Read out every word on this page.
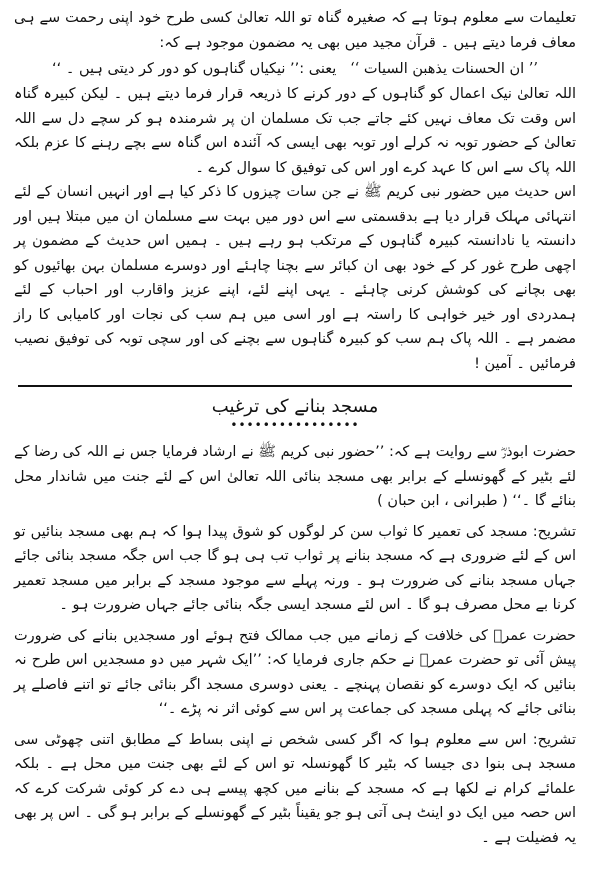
تعلیمات سے معلوم ہوتا ہے کہ صغیرہ گناہ تو اللہ تعالیٰ کسی طرح خود اپنی رحمت سے ہی معاف فرما دیتے ہیں ۔ قرآن مجید میں بھی یہ مضمون موجود ہے کہ:

’’ ان الحسنات یذھبن السیات ‘‘   یعنی :’’ نیکیاں گناہوں کو دور کر دیتی ہیں ۔ ‘‘

اللہ تعالیٰ نیک اعمال کو گناہوں کے دور کرنے کا ذریعہ قرار فرما دیتے ہیں ۔ لیکن کبیرہ گناہ اس وقت تک معاف نہیں کئے جاتے جب تک مسلمان ان پر شرمندہ ہو کر سچے دل سے اللہ تعالیٰ کے حضور توبہ نہ کرلے اور توبہ بھی ایسی کہ آئندہ اس گناہ سے بچے رہنے کا عزم بلکہ اللہ پاک سے اس کا عہد کرے اور اس کی توفیق کا سوال کرے ۔

اس حدیث میں حضور نبی کریم ﷺ نے جن سات چیزوں کا ذکر کیا ہے اور انہیں انسان کے لئے انتہائی مہلک قرار دیا ہے بدقسمتی سے اس دور میں بہت سے مسلمان ان میں مبتلا ہیں اور دانستہ یا نادانستہ کبیرہ گناہوں کے مرتکب ہو رہے ہیں ۔ ہمیں اس حدیث کے مضمون پر اچھی طرح غور کر کے خود بھی ان کبائر سے بچنا چاہئے اور دوسرے مسلمان بہن بھائیوں کو بھی بچانے کی کوشش کرنی چاہئے ۔ یہی اپنے لئے، اپنے عزیز واقارب اور احباب کے لئے ہمدردی اور خیر خواہی کا راستہ ہے اور اسی میں ہم سب کی نجات اور کامیابی کا راز مضمر ہے ۔ اللہ پاک ہم سب کو کبیرہ گناہوں سے بچنے کی اور سچی توبہ کی توفیق نصیب فرمائیں ۔ آمین !

مسجد بنانے کی ترغیب
••••••••••••••••

حضرت ابوذرؓ سے روایت ہے کہ: ’’حضور نبی کریم ﷺ نے ارشاد فرمایا جس نے اللہ کی رضا کے لئے بٹیر کے گھونسلے کے برابر بھی مسجد بنائی اللہ تعالیٰ اس کے لئے جنت میں شاندار محل بنائے گا ۔‘‘ ( طبرانی ، ابن حبان )

تشریح: مسجد کی تعمیر کا ثواب سن کر لوگوں کو شوق پیدا ہوا کہ ہم بھی مسجد بنائیں تو اس کے لئے ضروری ہے کہ مسجد بنانے پر ثواب تب ہی ہو گا جب اس جگہ مسجد بنائی جائے جہاں مسجد بنانے کی ضرورت ہو ۔ ورنہ پہلے سے موجود مسجد کے برابر میں مسجد تعمیر کرنا بے محل مصرف ہو گا ۔ اس لئے مسجد ایسی جگہ بنائی جائے جہاں ضرورت ہو ۔

حضرت عمرؓ کی خلافت کے زمانے میں جب ممالک فتح ہوئے اور مسجدیں بنانے کی ضرورت پیش آئی تو حضرت عمرؓ نے حکم جاری فرمایا کہ: ’’ایک شہر میں دو مسجدیں اس طرح نہ بنائیں کہ ایک دوسرے کو نقصان پہنچے ۔ یعنی دوسری مسجد اگر بنائی جائے تو اتنے فاصلے پر بنائی جائے کہ پہلی مسجد کی جماعت پر اس سے کوئی اثر نہ پڑے ۔‘‘

تشریح: اس سے معلوم ہوا کہ اگر کسی شخص نے اپنی بساط کے مطابق اتنی چھوٹی سی مسجد ہی بنوا دی جیسا کہ بٹیر کا گھونسلہ تو اس کے لئے بھی جنت میں محل ہے ۔ بلکہ علمائے کرام نے لکھا ہے کہ مسجد کے بنانے میں کچھ پیسے ہی دے کر کوئی شرکت کرے کہ اس حصہ میں ایک دو اینٹ ہی آتی ہو جو یقیناً بٹیر کے گھونسلے کے برابر ہو گی ۔ اس پر بھی یہ فضیلت ہے ۔
